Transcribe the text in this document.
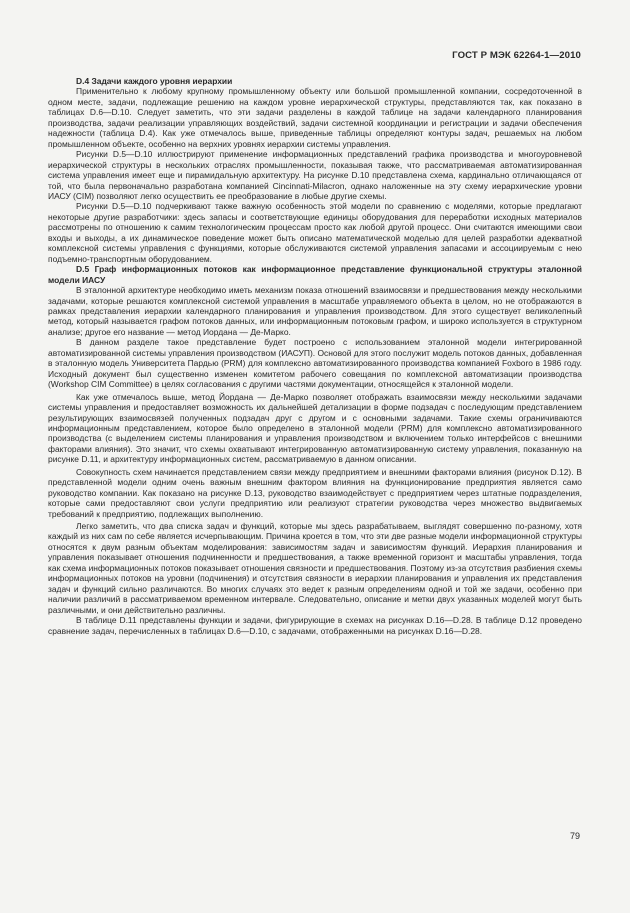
ГОСТ Р МЭК 62264-1—2010

D.4 Задачи каждого уровня иерархии

Применительно к любому крупному промышленному объекту или большой промышленной компании, сосредоточенной в одном месте, задачи, подлежащие решению на каждом уровне иерархической структуры, представляются так, как показано в таблицах D.6—D.10. Следует заметить, что эти задачи разделены в каждой таблице на задачи календарного планирования производства, задачи реализации управляющих воздействий, задачи системной координации и регистрации и задачи обеспечения надежности (таблица D.4). Как уже отмечалось выше, приведенные таблицы определяют контуры задач, решаемых на любом промышленном объекте, особенно на верхних уровнях иерархии системы управления.

Рисунки D.5—D.10 иллюстрируют применение информационных представлений графика производства и многоуровневой иерархической структуры в нескольких отраслях промышленности, показывая также, что рассматриваемая автоматизированная система управления имеет еще и пирамидальную архитектуру. На рисунке D.10 представлена схема, кардинально отличающаяся от той, что была первоначально разработана компанией Cincinnati-Milacron, однако наложенные на эту схему иерархические уровни ИАСУ (CIM) позволяют легко осуществить ее преобразование в любые другие схемы.

Рисунки D.5—D.10 подчеркивают также важную особенность этой модели по сравнению с моделями, которые предлагают некоторые другие разработчики: здесь запасы и соответствующие единицы оборудования для переработки исходных материалов рассмотрены по отношению к самим технологическим процессам просто как любой другой процесс. Они считаются имеющими свои входы и выходы, а их динамическое поведение может быть описано математической моделью для целей разработки адекватной комплексной системы управления с функциями, которые обслуживаются системой управления запасами и ассоциируемым с нею подъемно-транспортным оборудованием.

D.5 Граф информационных потоков как информационное представление функциональной структуры эталонной модели ИАСУ

В эталонной архитектуре необходимо иметь механизм показа отношений взаимосвязи и предшествования между несколькими задачами, которые решаются комплексной системой управления в масштабе управляемого объекта в целом, но не отображаются в рамках представления иерархии календарного планирования и управления производством. Для этого существует великолепный метод, который называется графом потоков данных, или информационным потоковым графом, и широко используется в структурном анализе; другое его название — метод Иордана — Де-Марко.

В данном разделе такое представление будет построено с использованием эталонной модели интегрированной автоматизированной системы управления производством (ИАСУП). Основой для этого послужит модель потоков данных, добавленная в эталонную модель Университета Пардью (PRM) для комплексно автоматизированного производства компанией Foxboro в 1986 году. Исходный документ был существенно изменен комитетом рабочего совещания по комплексной автоматизации производства (Workshop CIM Committee) в целях согласования с другими частями документации, относящейся к эталонной модели.

Как уже отмечалось выше, метод Йордана — Де-Марко позволяет отображать взаимосвязи между несколькими задачами системы управления и предоставляет возможность их дальнейшей детализации в форме подзадач с последующим представлением результирующих взаимосвязей полученных подзадач друг с другом и с основными задачами. Такие схемы ограничиваются информационным представлением, которое было определено в эталонной модели (PRM) для комплексно автоматизированного производства (с выделением системы планирования и управления производством и включением только интерфейсов с внешними факторами влияния). Это значит, что схемы охватывают интегрированную автоматизированную систему управления, показанную на рисунке D.11, и архитектуру информационных систем, рассматриваемую в данном описании.

Совокупность схем начинается представлением связи между предприятием и внешними факторами влияния (рисунок D.12). В представленной модели одним очень важным внешним фактором влияния на функционирование предприятия является само руководство компании. Как показано на рисунке D.13, руководство взаимодействует с предприятием через штатные подразделения, которые сами предоставляют свои услуги предприятию или реализуют стратегии руководства через множество выдвигаемых требований к предприятию, подлежащих выполнению.

Легко заметить, что два списка задач и функций, которые мы здесь разрабатываем, выглядят совершенно по-разному, хотя каждый из них сам по себе является исчерпывающим. Причина кроется в том, что эти две разные модели информационной структуры относятся к двум разным объектам моделирования: зависимостям задач и зависимостям функций. Иерархия планирования и управления показывает отношения подчиненности и предшествования, а также временной горизонт и масштабы управления, тогда как схема информационных потоков показывает отношения связности и предшествования. Поэтому из-за отсутствия разбиения схемы информационных потоков на уровни (подчинения) и отсутствия связности в иерархии планирования и управления их представления задач и функций сильно различаются. Во многих случаях это ведет к разным определениям одной и той же задачи, особенно при наличии различий в рассматриваемом временном интервале. Следовательно, описание и метки двух указанных моделей могут быть различными, и они действительно различны.

В таблице D.11 представлены функции и задачи, фигурирующие в схемах на рисунках D.16—D.28. В таблице D.12 проведено сравнение задач, перечисленных в таблицах D.6—D.10, с задачами, отображенными на рисунках D.16—D.28.

79
